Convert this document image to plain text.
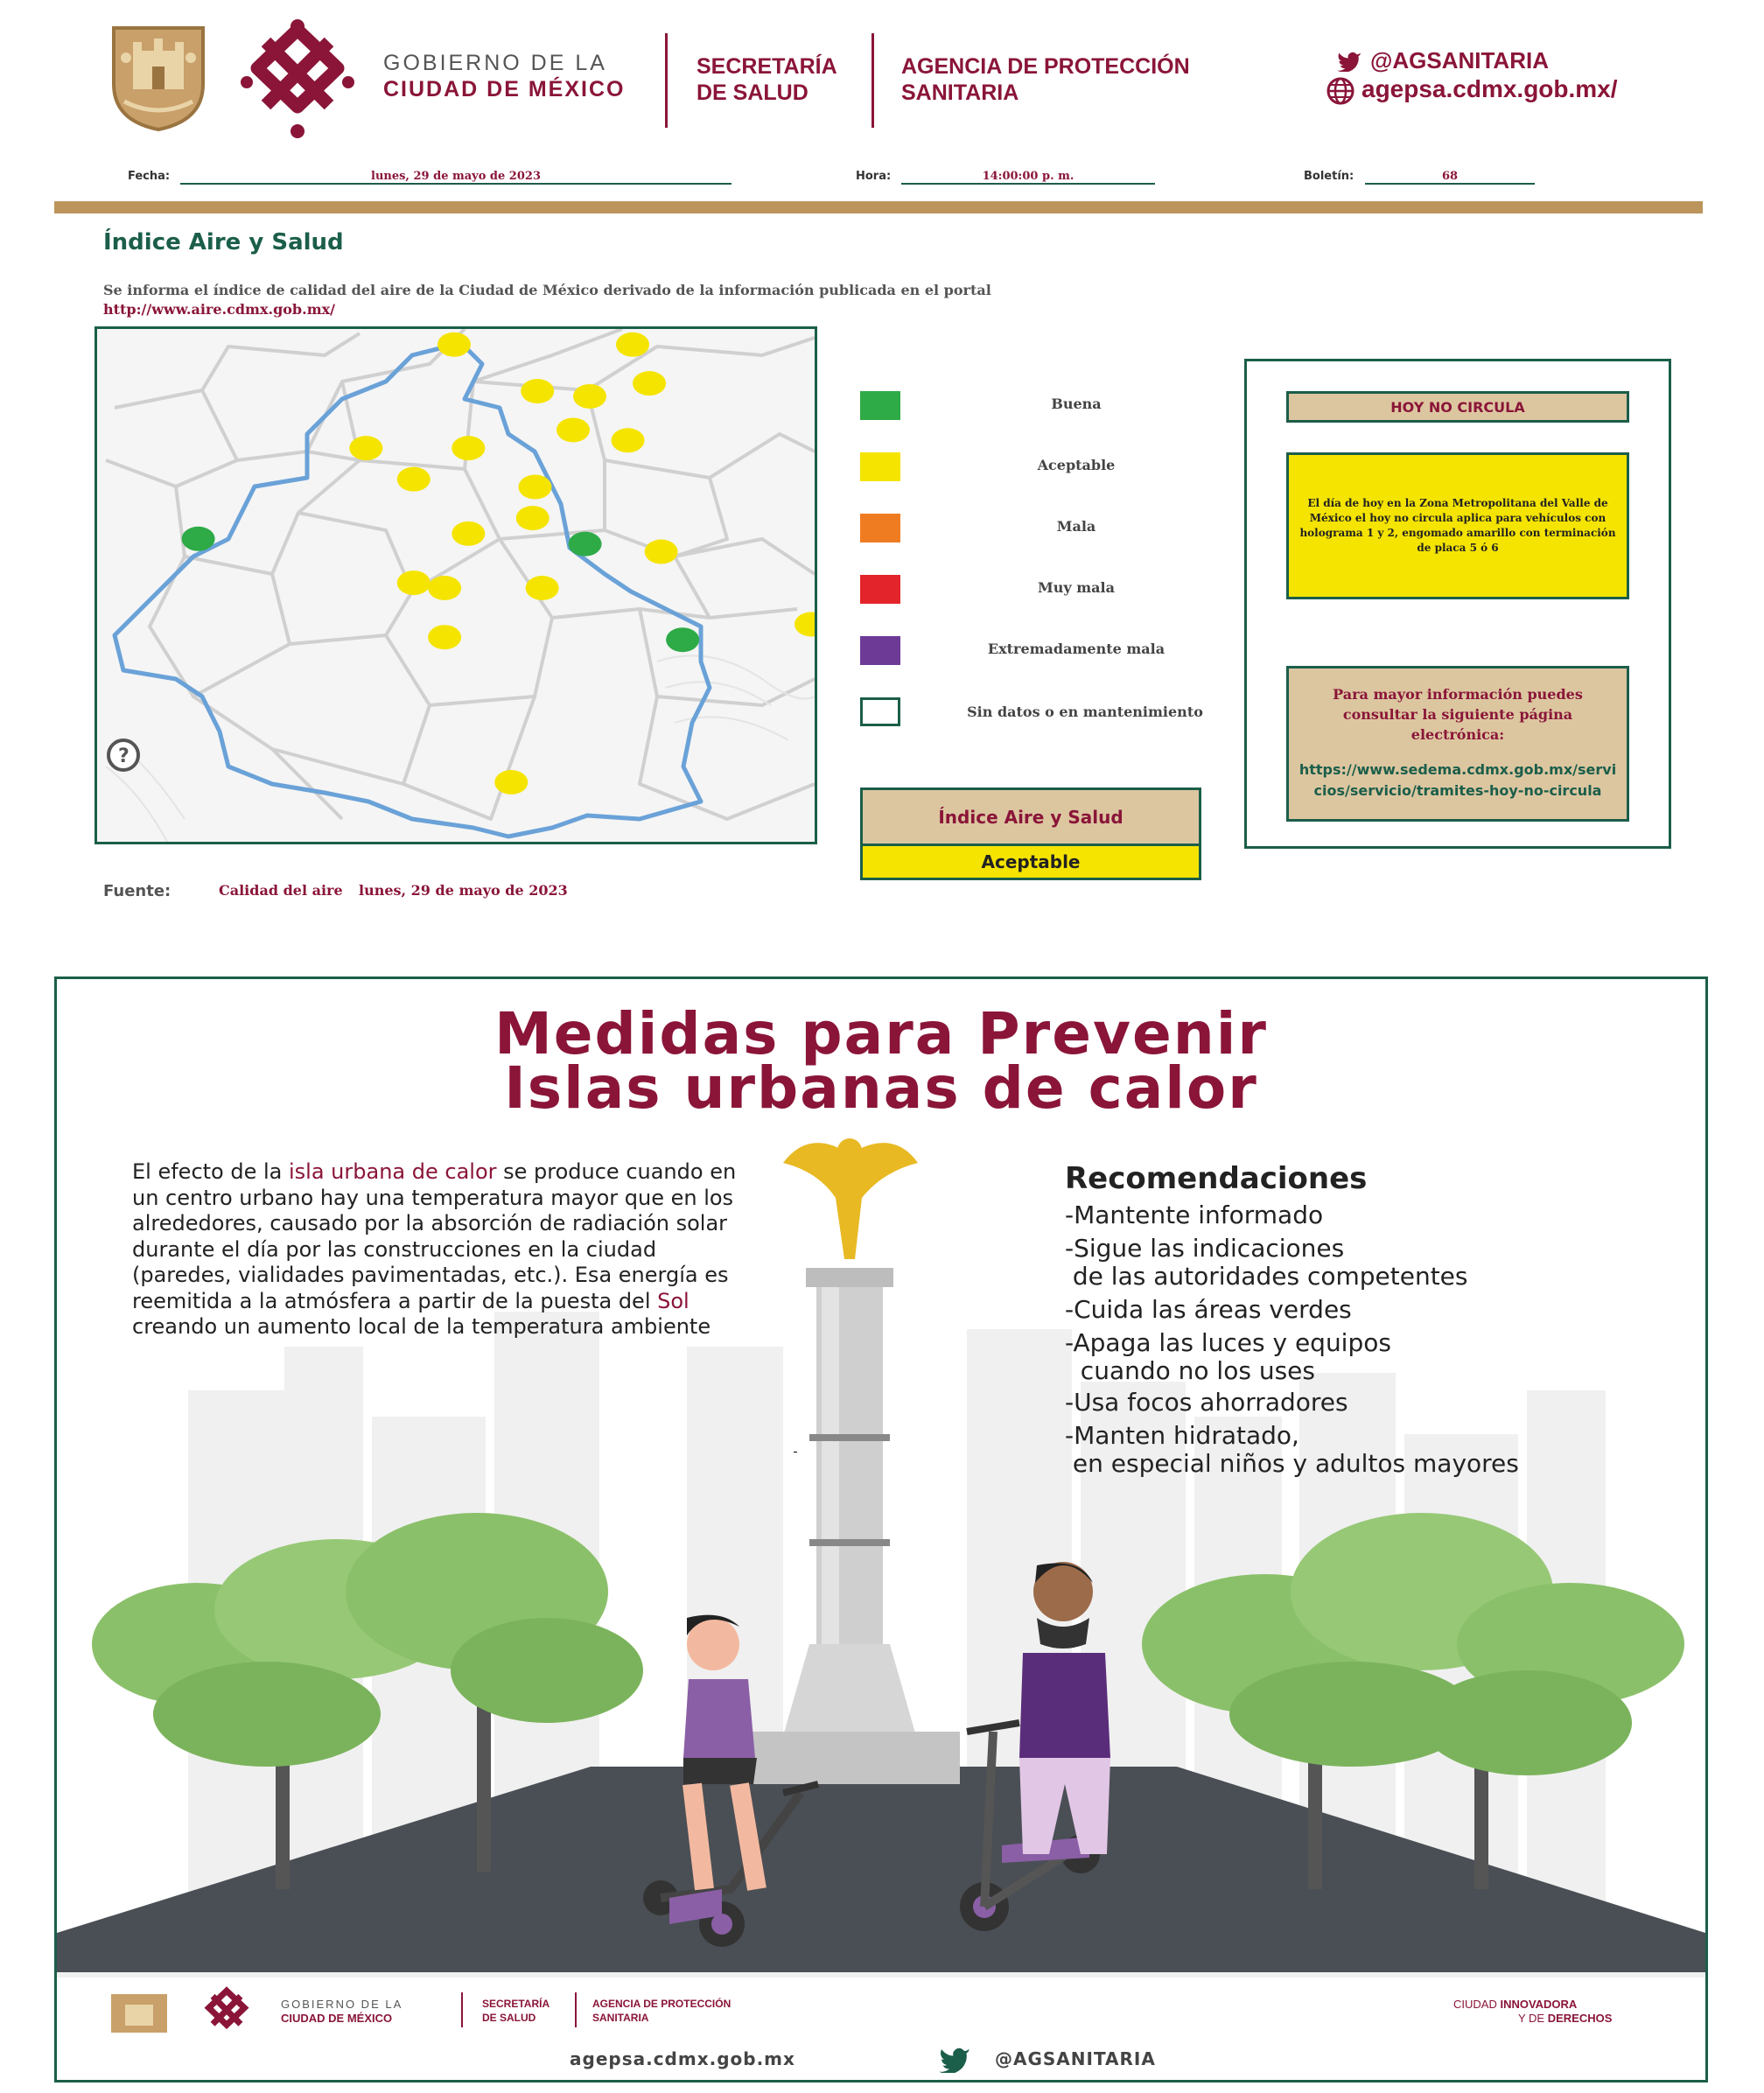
GOBIERNO DE LA
CIUDAD DE MÉXICO
SECRETARÍA
DE SALUD
AGENCIA DE PROTECCIÓN
SANITARIA
@AGSANITARIA
agepsa.cdmx.gob.mx/
Fecha:	lunes, 29 de mayo de 2023	Hora:	14:00:00 p. m.	Boletín:	68
Índice Aire y Salud
Se informa el índice de calidad del aire de la Ciudad de México derivado de la información publicada en el portal
http://www.aire.cdmx.gob.mx/
?
Buena
Aceptable
Mala
Muy mala
Extremadamente mala
Sin datos o en mantenimiento
Índice Aire y Salud
Aceptable
HOY NO CIRCULA
El día de hoy en la Zona Metropolitana del Valle de México el hoy no circula aplica para vehículos con holograma 1 y 2, engomado amarillo con terminación de placa 5 ó 6
Para mayor información puedes consultar la siguiente página electrónica:
https://www.sedema.cdmx.gob.mx/servicios/servicio/tramites-hoy-no-circula
Fuente:	Calidad del aire lunes, 29 de mayo de 2023
Medidas para Prevenir
Islas urbanas de calor
El efecto de la isla urbana de calor se produce cuando en un centro urbano hay una temperatura mayor que en los alrededores, causado por la absorción de radiación solar durante el día por las construcciones en la ciudad (paredes, vialidades pavimentadas, etc.). Esa energía es reemitida a la atmósfera a partir de la puesta del Sol creando un aumento local de la temperatura ambiente
Recomendaciones
-Mantente informado
-Sigue las indicaciones
de las autoridades competentes
-Cuida las áreas verdes
-Apaga las luces y equipos
cuando no los uses
-Usa focos ahorradores
-Manten hidratado,
en especial niños y adultos mayores
GOBIERNO DE LA
CIUDAD DE MÉXICO
SECRETARÍA
DE SALUD
AGENCIA DE PROTECCIÓN
SANITARIA
CIUDAD INNOVADORA
Y DE DERECHOS
agepsa.cdmx.gob.mx	@AGSANITARIA
